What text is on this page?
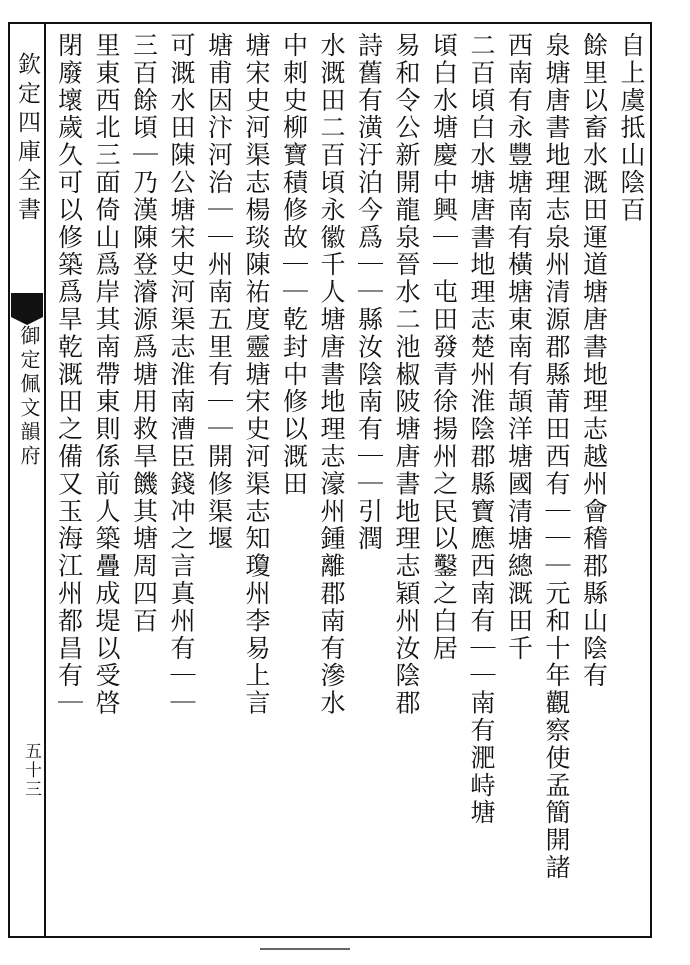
欽定四庫全書
御定佩文韻府
五十三
自上虞抵山陰百
餘里以畜水溉田運道塘唐書地理志越州會稽郡縣山陰有
泉塘唐書地理志泉州清源郡縣莆田西有｜｜｜元和十年觀察使孟簡開諸
西南有永豐塘南有橫塘東南有頡洋塘國清塘總溉田千
二百頃白水塘唐書地理志楚州淮陰郡縣寶應西南有｜｜南有淝峙塘
頃白水塘慶中興｜｜屯田發青徐揚州之民以鑿之白居
易和令公新開龍泉晉水二池椒陂塘唐書地理志穎州汝陰郡
詩舊有潢汙泊今爲｜｜縣汝陰南有｜｜引潤
水溉田二百頃永徽千人塘唐書地理志濠州鍾離郡南有滲水
中刺史柳寶積修故｜｜乾封中修以溉田
塘宋史河渠志楊琰陳祐度靈塘宋史河渠志知瓊州李易上言
塘甫因汴河治｜｜州南五里有｜｜開修渠堰
可溉水田陳公塘宋史河渠志淮南漕臣錢冲之言真州有｜｜
三百餘頃｜乃漢陳登濬源爲塘用救旱饑其塘周四百
里東西北三面倚山爲岸其南帶東則係前人築疊成堤以受啓
閉廢壞歲久可以修築爲旱乾溉田之備又玉海江州都昌有｜
